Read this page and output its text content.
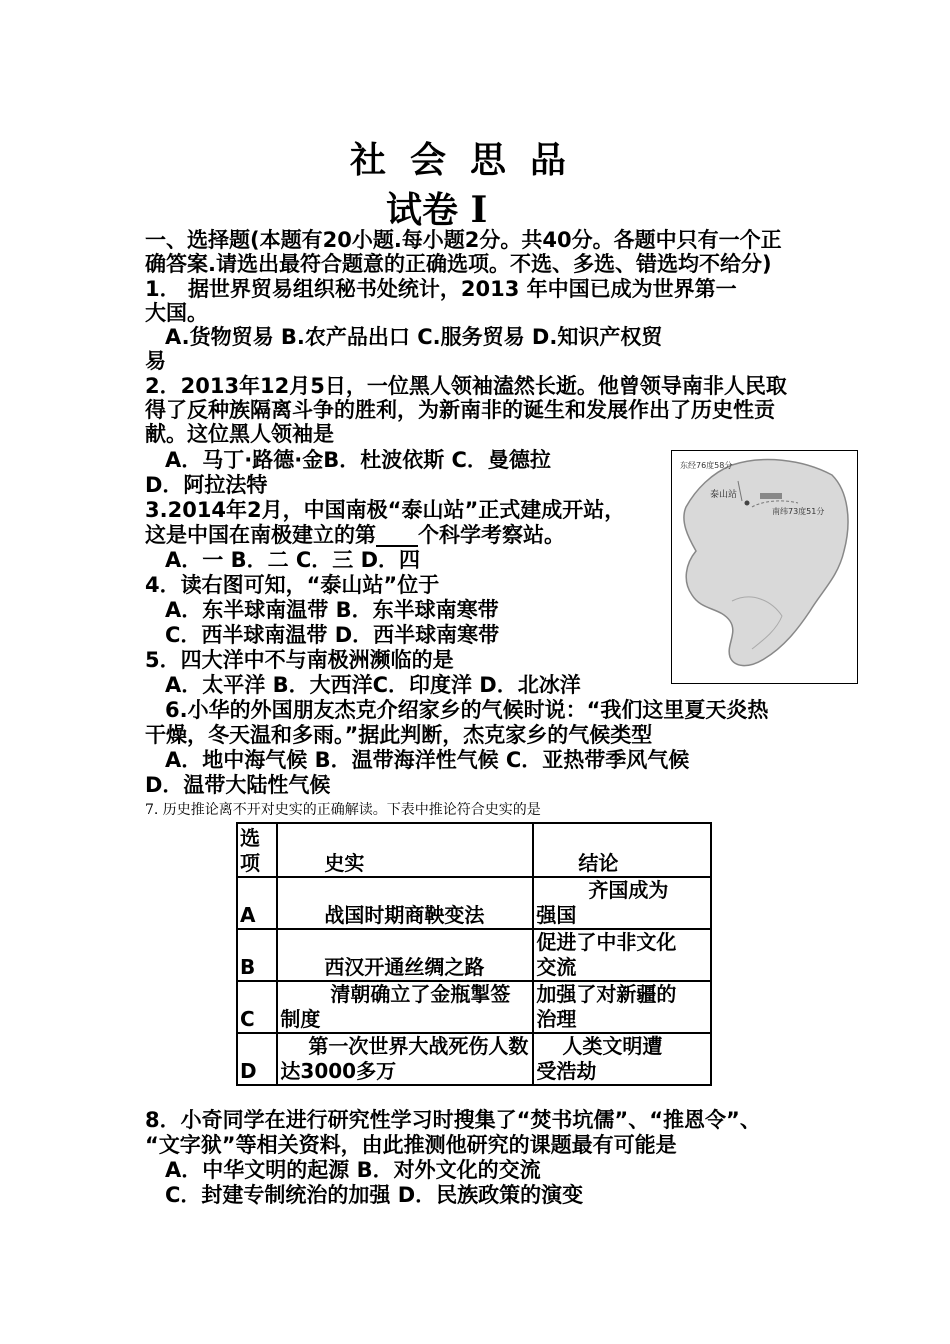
社会思品
试卷 Ⅰ
一、选择题(本题有20小题.每小题2分。共40分。各题中只有一个正
确答案.请选出最符合题意的正确选项。不选、多选、错选均不给分)
1． 据世界贸易组织秘书处统计，2013 年中国已成为世界第一
大国。
A.货物贸易 B.农产品出口 C.服务贸易 D.知识产权贸
易
2．2013年12月5日，一位黑人领袖溘然长逝。他曾领导南非人民取
得了反种族隔离斗争的胜利，为新南非的诞生和发展作出了历史性贡
献。这位黑人领袖是
A．马丁·路德·金B．杜波依斯 C．曼德拉
D．阿拉法特
3.2014年2月，中国南极“泰山站”正式建成开站，
这是中国在南极建立的第____个科学考察站。
A．一 B．二 C．三 D．四
4．读右图可知，“泰山站”位于
A．东半球南温带 B．东半球南寒带
C．西半球南温带 D．西半球南寒带
5．四大洋中不与南极洲濒临的是
A．太平洋 B．大西洋C．印度洋 D．北冰洋
6.小华的外国朋友杰克介绍家乡的气候时说：“我们这里夏天炎热
干燥，冬天温和多雨。”据此判断，杰克家乡的气候类型
A．地中海气候 B．温带海洋性气候 C．亚热带季风气候
D．温带大陆性气候
东经76度58分
泰山站
南纬73度51分
7. 历史推论离不开对史实的正确解读。下表中推论符合史实的是
选项	史实	结论
A	战国时期商鞅变法	齐国成为强国

B	西汉开通丝绸之路	促进了中非文化交流

C	清朝确立了金瓶掣签制度	加强了对新疆的治理

D	第一次世界大战死伤人数达3000多万	人类文明遭受浩劫
8．小奇同学在进行研究性学习时搜集了“焚书坑儒”、“推恩令”、
“文字狱”等相关资料，由此推测他研究的课题最有可能是
A．中华文明的起源 B．对外文化的交流
C．封建专制统治的加强 D．民族政策的演变
